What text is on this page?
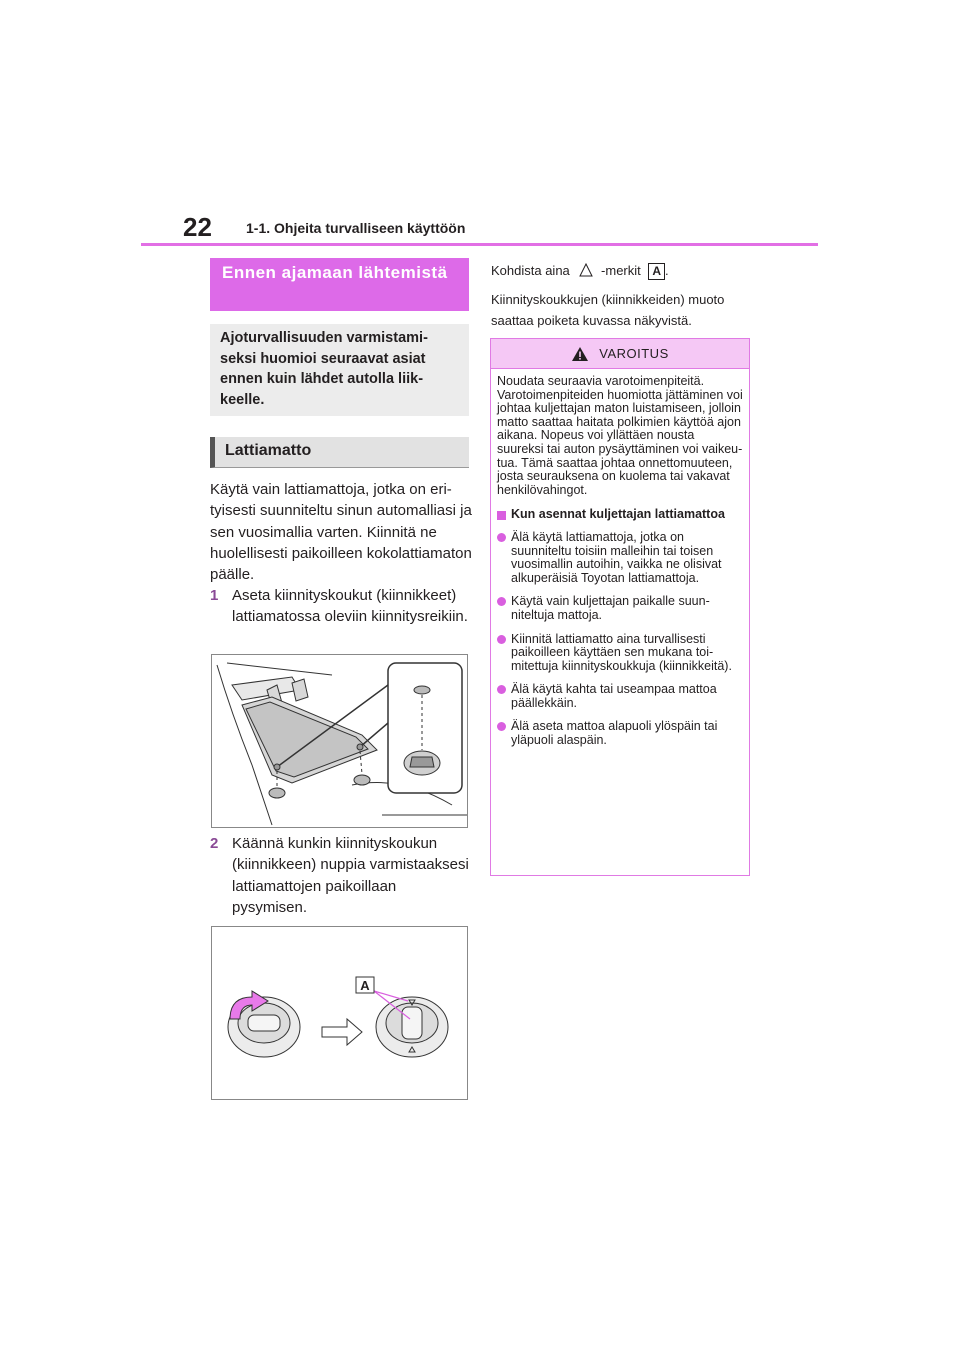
22 1-1. Ohjeita turvalliseen käyttöön
Ennen ajamaan lähtemistä
Ajoturvallisuuden varmistamiseksi huomioi seuraavat asiat ennen kuin lähdet autolla liikkeelle.
Lattiamatto
Käytä vain lattiamattoja, jotka on erityisesti suunniteltu sinun automalliasi ja sen vuosimallia varten. Kiinnitä ne huolellisesti paikoilleen kokolattiamaton päälle.
1 Aseta kiinnityskoukut (kiinnikkeet) lattiamatossa oleviin kiinnitysreikiin.
2 Käännä kunkin kiinnityskoukun (kiinnikkeen) nuppia varmistaaksesi lattiamattojen paikoillaan pysymisen.
A
Kohdista aina -merkit A .
Kiinnityskoukkujen (kiinnikkeiden) muoto saattaa poiketa kuvassa näkyvistä.
VAROITUS

Noudata seuraavia varotoimenpiteitä. Varotoimenpiteiden huomiotta jättäminen voi johtaa kuljettajan maton luistamiseen, jolloin matto saattaa haitata polkimien käyttöä ajon aikana. Nopeus voi yllättäen nousta suureksi tai auton pysäyttäminen voi vaikeutua. Tämä saattaa johtaa onnettomuuteen, josta seurauksena on kuolema tai vakavat henkilövahingot.

Kun asennat kuljettajan lattiamattoa
Älä käytä lattiamattoja, jotka on suunniteltu toisiin malleihin tai toisen vuosimallin autoihin, vaikka ne olisivat alkuperäisiä Toyotan lattiamattoja.
Käytä vain kuljettajan paikalle suunniteltuja mattoja.
Kiinnitä lattiamatto aina turvallisesti paikoilleen käyttäen sen mukana toimitettuja kiinnityskoukkuja (kiinnikkeitä).
Älä käytä kahta tai useampaa mattoa päällekkäin.
Älä aseta mattoa alapuoli ylöspäin tai yläpuoli alaspäin.
